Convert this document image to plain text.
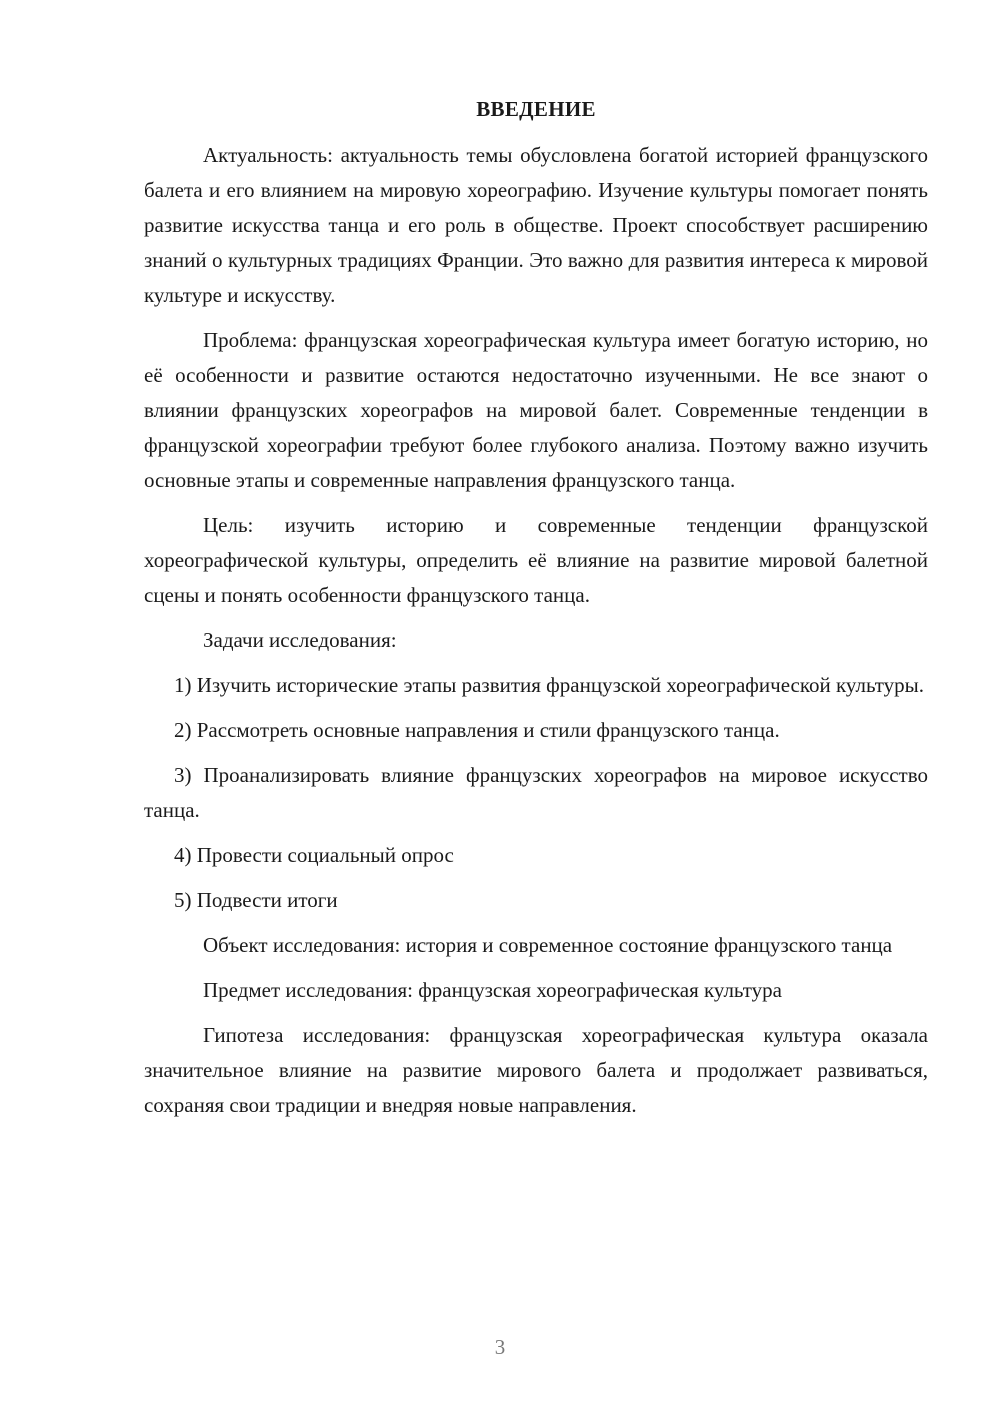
ВВЕДЕНИЕ

Актуальность: актуальность темы обусловлена богатой историей французского балета и его влиянием на мировую хореографию. Изучение культуры помогает понять развитие искусства танца и его роль в обществе. Проект способствует расширению знаний о культурных традициях Франции. Это важно для развития интереса к мировой культуре и искусству.

Проблема: французская хореографическая культура имеет богатую историю, но её особенности и развитие остаются недостаточно изученными. Не все знают о влиянии французских хореографов на мировой балет. Современные тенденции в французской хореографии требуют более глубокого анализа. Поэтому важно изучить основные этапы и современные направления французского танца.

Цель: изучить историю и современные тенденции французской хореографической культуры, определить её влияние на развитие мировой балетной сцены и понять особенности французского танца.

Задачи исследования:

1) Изучить исторические этапы развития французской хореографической культуры.

2) Рассмотреть основные направления и стили французского танца.

3) Проанализировать влияние французских хореографов на мировое искусство танца.

4) Провести социальный опрос

5) Подвести итоги

Объект исследования: история и современное состояние французского танца

Предмет исследования: французская хореографическая культура

Гипотеза исследования: французская хореографическая культура оказала значительное влияние на развитие мирового балета и продолжает развиваться, сохраняя свои традиции и внедряя новые направления.

3
